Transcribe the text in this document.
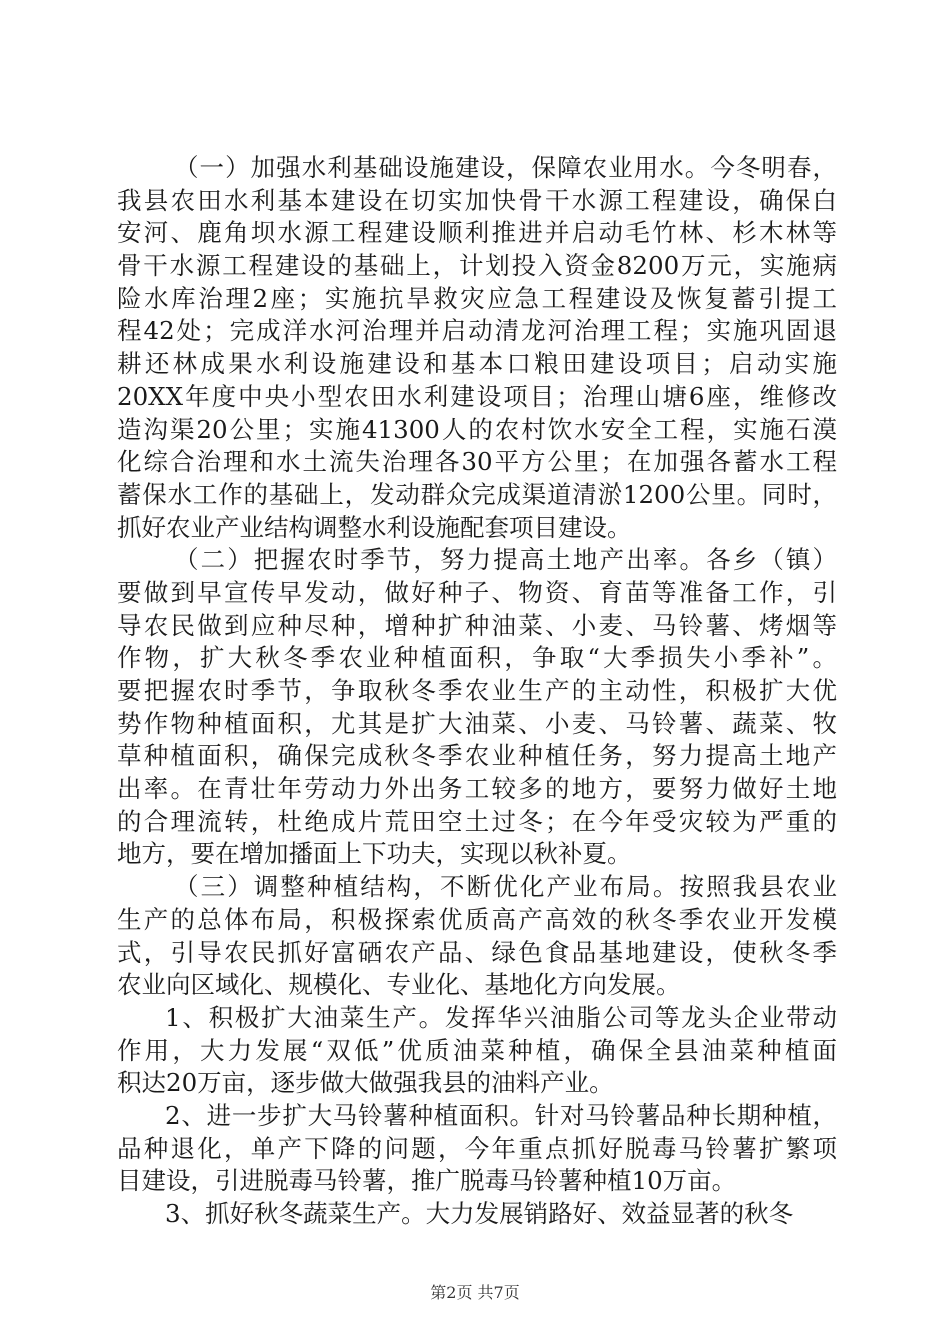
（一）加强水利基础设施建设，保障农业用水。今冬明春，
我县农田水利基本建设在切实加快骨干水源工程建设，确保白
安河、鹿角坝水源工程建设顺利推进并启动毛竹林、杉木林等
骨干水源工程建设的基础上，计划投入资金8200万元，实施病
险水库治理2座；实施抗旱救灾应急工程建设及恢复蓄引提工
程42处；完成洋水河治理并启动清龙河治理工程；实施巩固退
耕还林成果水利设施建设和基本口粮田建设项目；启动实施
20XX年度中央小型农田水利建设项目；治理山塘6座，维修改
造沟渠20公里；实施41300人的农村饮水安全工程，实施石漠
化综合治理和水土流失治理各30平方公里；在加强各蓄水工程
蓄保水工作的基础上，发动群众完成渠道清淤1200公里。同时，
抓好农业产业结构调整水利设施配套项目建设。
（二）把握农时季节，努力提高土地产出率。各乡（镇）
要做到早宣传早发动，做好种子、物资、育苗等准备工作，引
导农民做到应种尽种，增种扩种油菜、小麦、马铃薯、烤烟等
作物，扩大秋冬季农业种植面积，争取“大季损失小季补”。
要把握农时季节，争取秋冬季农业生产的主动性，积极扩大优
势作物种植面积，尤其是扩大油菜、小麦、马铃薯、蔬菜、牧
草种植面积，确保完成秋冬季农业种植任务，努力提高土地产
出率。在青壮年劳动力外出务工较多的地方，要努力做好土地
的合理流转，杜绝成片荒田空土过冬；在今年受灾较为严重的
地方，要在增加播面上下功夫，实现以秋补夏。
（三）调整种植结构，不断优化产业布局。按照我县农业
生产的总体布局，积极探索优质高产高效的秋冬季农业开发模
式，引导农民抓好富硒农产品、绿色食品基地建设，使秋冬季
农业向区域化、规模化、专业化、基地化方向发展。
1、积极扩大油菜生产。发挥华兴油脂公司等龙头企业带动
作用，大力发展“双低”优质油菜种植，确保全县油菜种植面
积达20万亩，逐步做大做强我县的油料产业。
2、进一步扩大马铃薯种植面积。针对马铃薯品种长期种植，
品种退化，单产下降的问题，今年重点抓好脱毒马铃薯扩繁项
目建设，引进脱毒马铃薯，推广脱毒马铃薯种植10万亩。
3、抓好秋冬蔬菜生产。大力发展销路好、效益显著的秋冬
第2页 共7页
